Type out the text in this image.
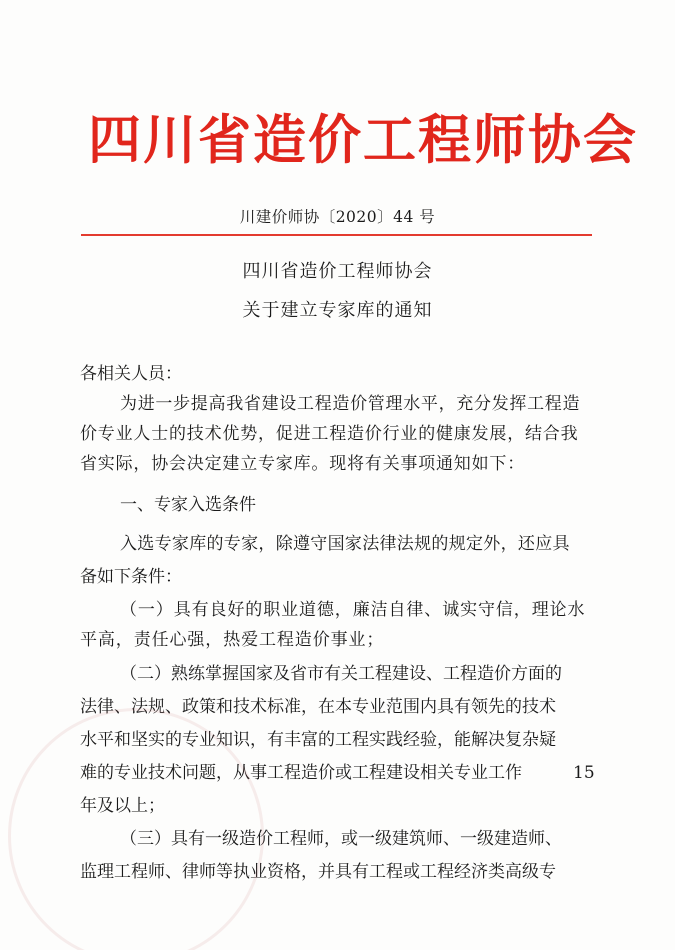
四川省造价工程师协会
川建价师协〔2020〕44 号
四川省造价工程师协会
关于建立专家库的通知
各相关人员：
为进一步提高我省建设工程造价管理水平，充分发挥工程造
价专业人士的技术优势，促进工程造价行业的健康发展，结合我
省实际，协会决定建立专家库。现将有关事项通知如下：
一、专家入选条件
入选专家库的专家，除遵守国家法律法规的规定外，还应具
备如下条件：
（一）具有良好的职业道德，廉洁自律、诚实守信，理论水
平高，责任心强，热爱工程造价事业；
（二）熟练掌握国家及省市有关工程建设、工程造价方面的
法律、法规、政策和技术标准，在本专业范围内具有领先的技术
水平和坚实的专业知识，有丰富的工程实践经验，能解决复杂疑
难的专业技术问题，从事工程造价或工程建设相关专业工作	15
年及以上；
（三）具有一级造价工程师，或一级建筑师、一级建造师、
监理工程师、律师等执业资格，并具有工程或工程经济类高级专
